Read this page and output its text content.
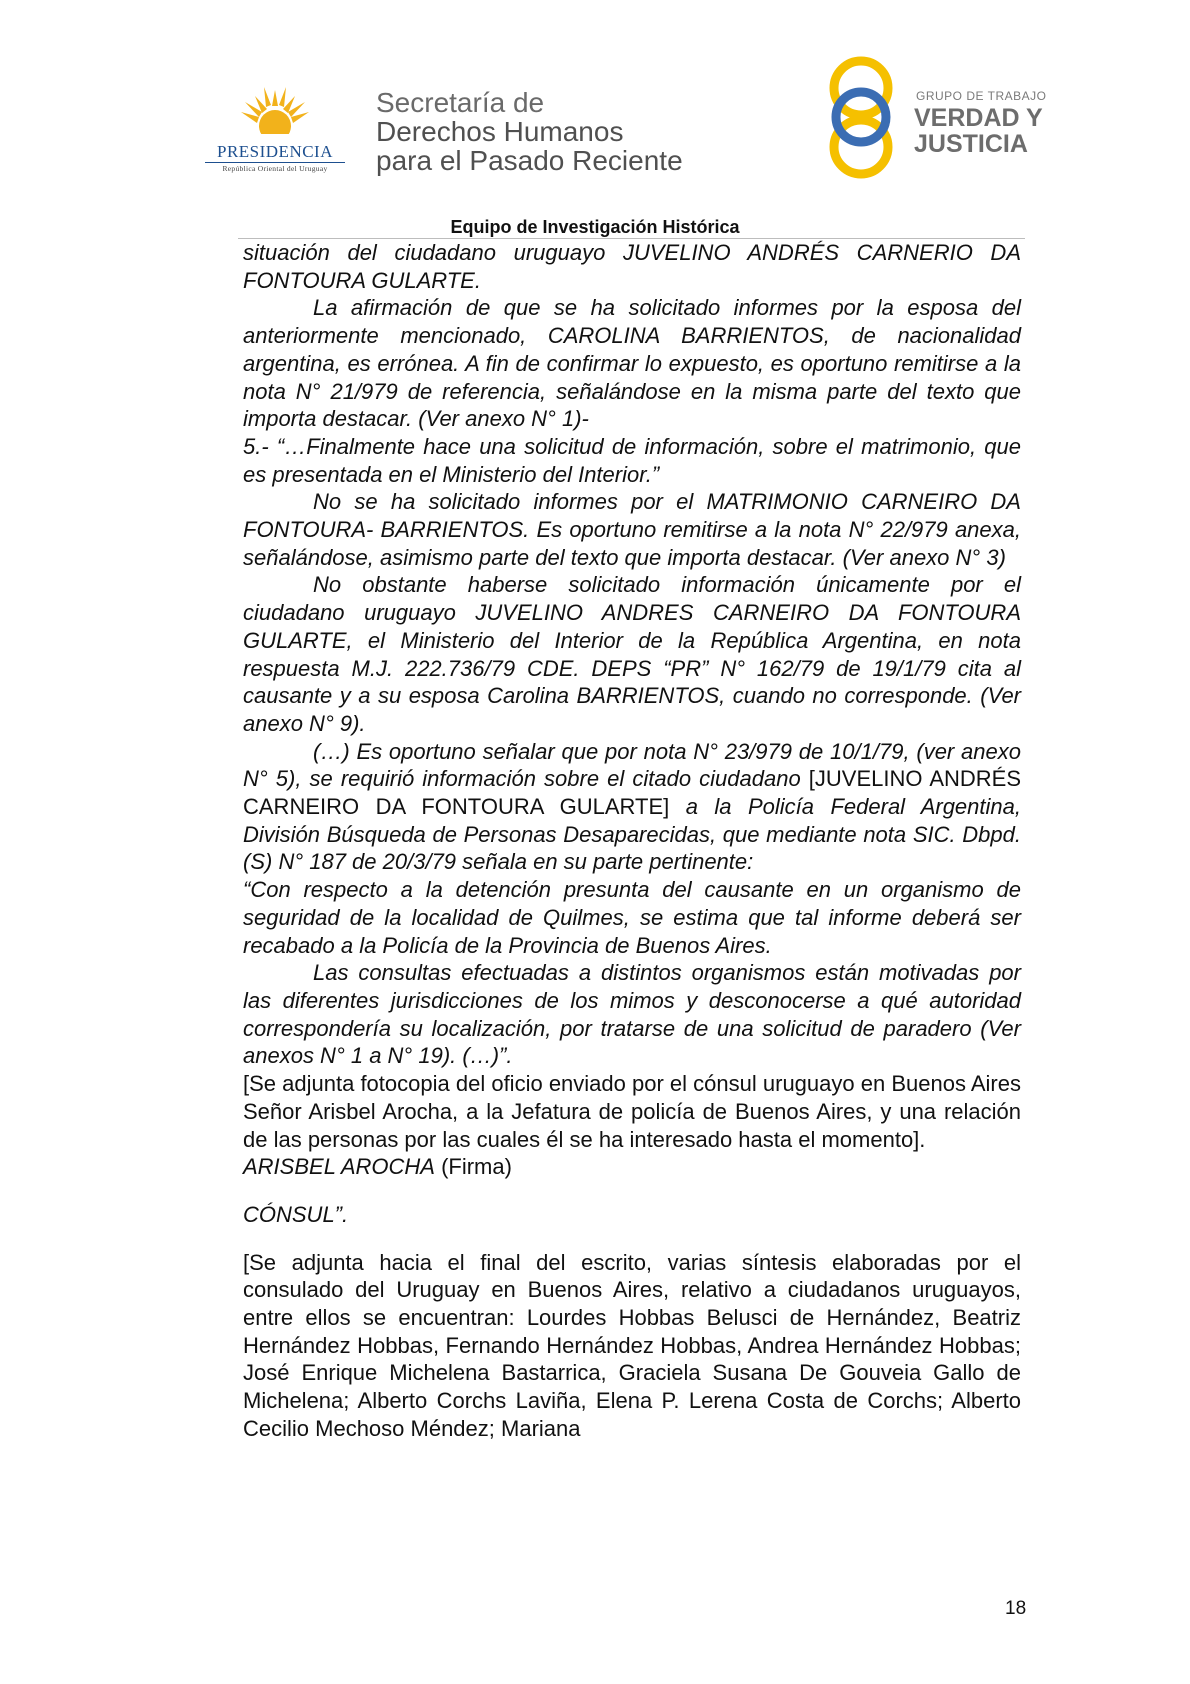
PRESIDENCIA
República Oriental del Uruguay
Secretaría de
Derechos Humanos
para el Pasado Reciente
GRUPO DE TRABAJO
VERDAD Y
JUSTICIA
Equipo de Investigación Histórica

situación del ciudadano uruguayo JUVELINO ANDRÉS CARNERIO DA FONTOURA GULARTE.

La afirmación de que se ha solicitado informes por la esposa del anteriormente mencionado, CAROLINA BARRIENTOS, de nacionalidad argentina, es errónea. A fin de confirmar lo expuesto, es oportuno remitirse a la nota N° 21/979 de referencia, señalándose en la misma parte del texto que importa destacar. (Ver anexo N° 1)-

5.- “…Finalmente hace una solicitud de información, sobre el matrimonio, que es presentada en el Ministerio del Interior.”

No se ha solicitado informes por el MATRIMONIO CARNEIRO DA FONTOURA- BARRIENTOS. Es oportuno remitirse a la nota N° 22/979 anexa, señalándose, asimismo parte del texto que importa destacar. (Ver anexo N° 3)

No obstante haberse solicitado información únicamente por el ciudadano uruguayo JUVELINO ANDRES CARNEIRO DA FONTOURA GULARTE, el Ministerio del Interior de la República Argentina, en nota respuesta M.J. 222.736/79 CDE. DEPS “PR” N° 162/79 de 19/1/79 cita al causante y a su esposa Carolina BARRIENTOS, cuando no corresponde. (Ver anexo N° 9).

(…) Es oportuno señalar que por nota N° 23/979 de 10/1/79, (ver anexo N° 5), se requirió información sobre el citado ciudadano [JUVELINO ANDRÉS CARNEIRO DA FONTOURA GULARTE] a la Policía Federal Argentina, División Búsqueda de Personas Desaparecidas, que mediante nota SIC. Dbpd. (S) N° 187 de 20/3/79 señala en su parte pertinente:

“Con respecto a la detención presunta del causante en un organismo de seguridad de la localidad de Quilmes, se estima que tal informe deberá ser recabado a la Policía de la Provincia de Buenos Aires.

Las consultas efectuadas a distintos organismos están motivadas por las diferentes jurisdicciones de los mimos y desconocerse a qué autoridad correspondería su localización, por tratarse de una solicitud de paradero (Ver anexos N° 1 a N° 19). (…)”.

[Se adjunta fotocopia del oficio enviado por el cónsul uruguayo en Buenos Aires Señor Arisbel Arocha, a la Jefatura de policía de Buenos Aires, y una relación de las personas por las cuales él se ha interesado hasta el momento].

ARISBEL AROCHA (Firma)

CÓNSUL”.

[Se adjunta hacia el final del escrito, varias síntesis elaboradas por el consulado del Uruguay en Buenos Aires, relativo a ciudadanos uruguayos, entre ellos se encuentran: Lourdes Hobbas Belusci de Hernández, Beatriz Hernández Hobbas, Fernando Hernández Hobbas, Andrea Hernández Hobbas; José Enrique Michelena Bastarrica, Graciela Susana De Gouveia Gallo de Michelena; Alberto Corchs Laviña, Elena P. Lerena Costa de Corchs; Alberto Cecilio Mechoso Méndez; Mariana

18
